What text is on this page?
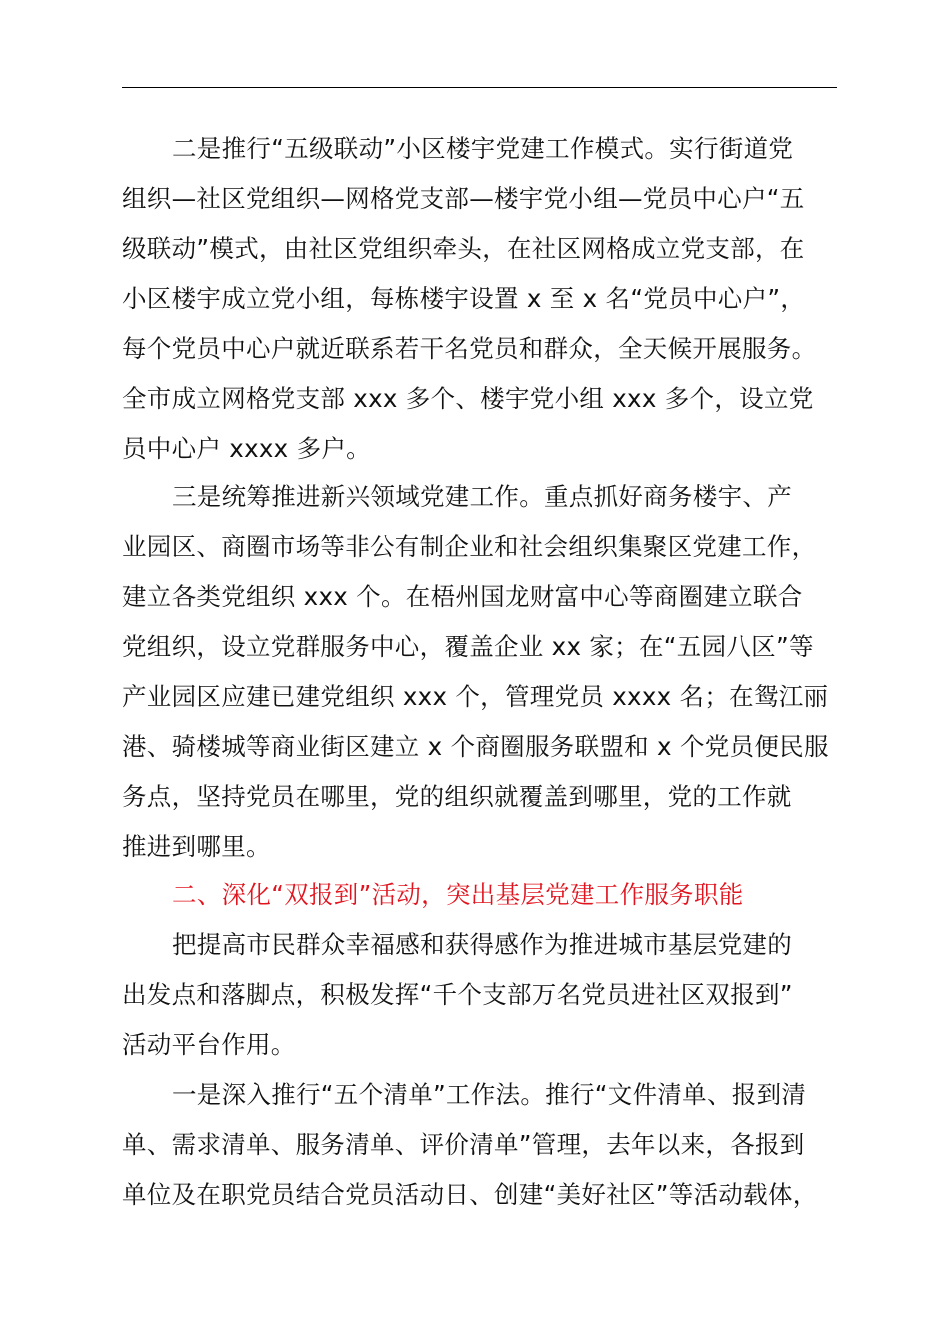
二是推行“五级联动”小区楼宇党建工作模式。实行街道党
组织—社区党组织—网格党支部—楼宇党小组—党员中心户“五
级联动”模式，由社区党组织牵头，在社区网格成立党支部，在
小区楼宇成立党小组，每栋楼宇设置 x 至 x 名“党员中心户”，
每个党员中心户就近联系若干名党员和群众，全天候开展服务。
全市成立网格党支部 xxx 多个、楼宇党小组 xxx 多个，设立党
员中心户 xxxx 多户。
三是统筹推进新兴领域党建工作。重点抓好商务楼宇、产
业园区、商圈市场等非公有制企业和社会组织集聚区党建工作，
建立各类党组织 xxx 个。在梧州国龙财富中心等商圈建立联合
党组织，设立党群服务中心，覆盖企业 xx 家；在“五园八区”等
产业园区应建已建党组织 xxx 个，管理党员 xxxx 名；在鸳江丽
港、骑楼城等商业街区建立 x 个商圈服务联盟和 x 个党员便民服
务点，坚持党员在哪里，党的组织就覆盖到哪里，党的工作就
推进到哪里。
二、深化“双报到”活动，突出基层党建工作服务职能
把提高市民群众幸福感和获得感作为推进城市基层党建的
出发点和落脚点，积极发挥“千个支部万名党员进社区双报到”
活动平台作用。
一是深入推行“五个清单”工作法。推行“文件清单、报到清
单、需求清单、服务清单、评价清单”管理，去年以来，各报到
单位及在职党员结合党员活动日、创建“美好社区”等活动载体，
